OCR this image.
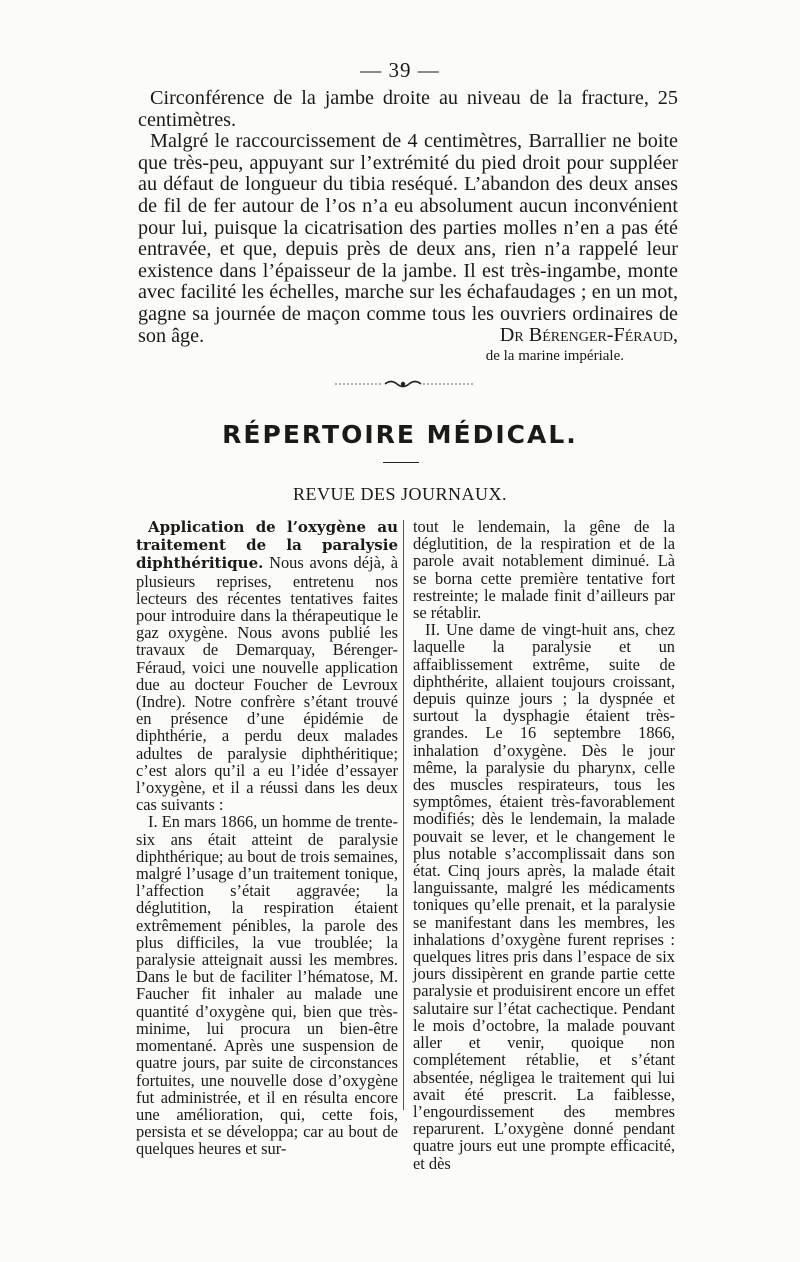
— 39 —

Circonférence de la jambe droite au niveau de la fracture, 25 centimètres.

Malgré le raccourcissement de 4 centimètres, Barrallier ne boite que très-peu, appuyant sur l’extrémité du pied droit pour suppléer au défaut de longueur du tibia reséqué. L’abandon des deux anses de fil de fer autour de l’os n’a eu absolument aucun inconvénient pour lui, puisque la cicatrisation des parties molles n’en a pas été entravée, et que, depuis près de deux ans, rien n’a rappelé leur existence dans l’épaisseur de la jambe. Il est très-ingambe, monte avec facilité les échelles, marche sur les échafaudages ; en un mot, gagne sa journée de maçon comme tous les ouvriers ordinaires de son âge.	Dr Bérenger-Féraud,
de la marine impériale.
RÉPERTOIRE MÉDICAL.
REVUE DES JOURNAUX.

Application de l’oxygène au traitement de la paralysie diphthéritique. Nous avons déjà, à plusieurs reprises, entretenu nos lecteurs des récentes tentatives faites pour introduire dans la thérapeutique le gaz oxygène. Nous avons publié les travaux de Demarquay, Bérenger-Féraud, voici une nouvelle application due au docteur Foucher de Levroux (Indre). Notre confrère s’étant trouvé en présence d’une épidémie de diphthérie, a perdu deux malades adultes de paralysie diphthéritique; c’est alors qu’il a eu l’idée d’essayer l’oxygène, et il a réussi dans les deux cas suivants :

I. En mars 1866, un homme de trente-six ans était atteint de paralysie diphthérique; au bout de trois semaines, malgré l’usage d’un traitement tonique, l’affection s’était aggravée; la déglutition, la respiration étaient extrêmement pénibles, la parole des plus difficiles, la vue troublée; la paralysie atteignait aussi les membres. Dans le but de faciliter l’hématose, M. Faucher fit inhaler au malade une quantité d’oxygène qui, bien que très-minime, lui procura un bien-être momentané. Après une suspension de quatre jours, par suite de circonstances fortuites, une nouvelle dose d’oxygène fut administrée, et il en résulta encore une amélioration, qui, cette fois, persista et se développa; car au bout de quelques heures et sur-

tout le lendemain, la gêne de la déglutition, de la respiration et de la parole avait notablement diminué. Là se borna cette première tentative fort restreinte; le malade finit d’ailleurs par se rétablir.

II. Une dame de vingt-huit ans, chez laquelle la paralysie et un affaiblissement extrême, suite de diphthérite, allaient toujours croissant, depuis quinze jours ; la dyspnée et surtout la dysphagie étaient très-grandes. Le 16 septembre 1866, inhalation d’oxygène. Dès le jour même, la paralysie du pharynx, celle des muscles respirateurs, tous les symptômes, étaient très-favorablement modifiés; dès le lendemain, la malade pouvait se lever, et le changement le plus notable s’accomplissait dans son état. Cinq jours après, la malade était languissante, malgré les médicaments toniques qu’elle prenait, et la paralysie se manifestant dans les membres, les inhalations d’oxygène furent reprises : quelques litres pris dans l’espace de six jours dissipèrent en grande partie cette paralysie et produisirent encore un effet salutaire sur l’état cachectique. Pendant le mois d’octobre, la malade pouvant aller et venir, quoique non complétement rétablie, et s’étant absentée, négligea le traitement qui lui avait été prescrit. La faiblesse, l’engourdissement des membres reparurent. L’oxygène donné pendant quatre jours eut une prompte efficacité, et dès
